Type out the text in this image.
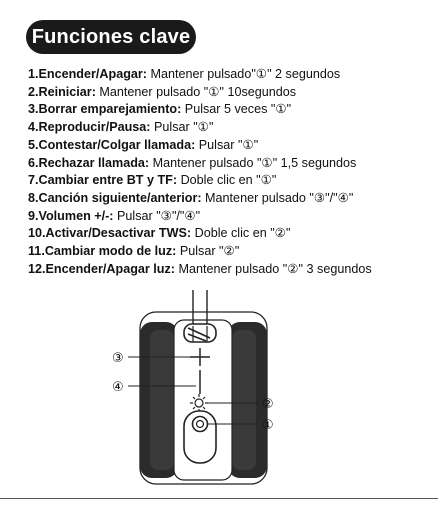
Funciones clave
1.Encender/Apagar: Mantener pulsado"①" 2 segundos
2.Reiniciar: Mantener pulsado "①" 10segundos
3.Borrar emparejamiento: Pulsar 5 veces "①"
4.Reproducir/Pausa: Pulsar "①"
5.Contestar/Colgar llamada: Pulsar "①"
6.Rechazar llamada: Mantener pulsado "①" 1,5 segundos
7.Cambiar entre BT y TF: Doble clic en "①"
8.Canción siguiente/anterior: Mantener pulsado "③"/"④"
9.Volumen +/-: Pulsar "③"/"④"
10.Activar/Desactivar TWS: Doble clic en "②"
11.Cambiar modo de luz: Pulsar "②"
12.Encender/Apagar luz: Mantener pulsado "②" 3 segundos
③
④
②
①
